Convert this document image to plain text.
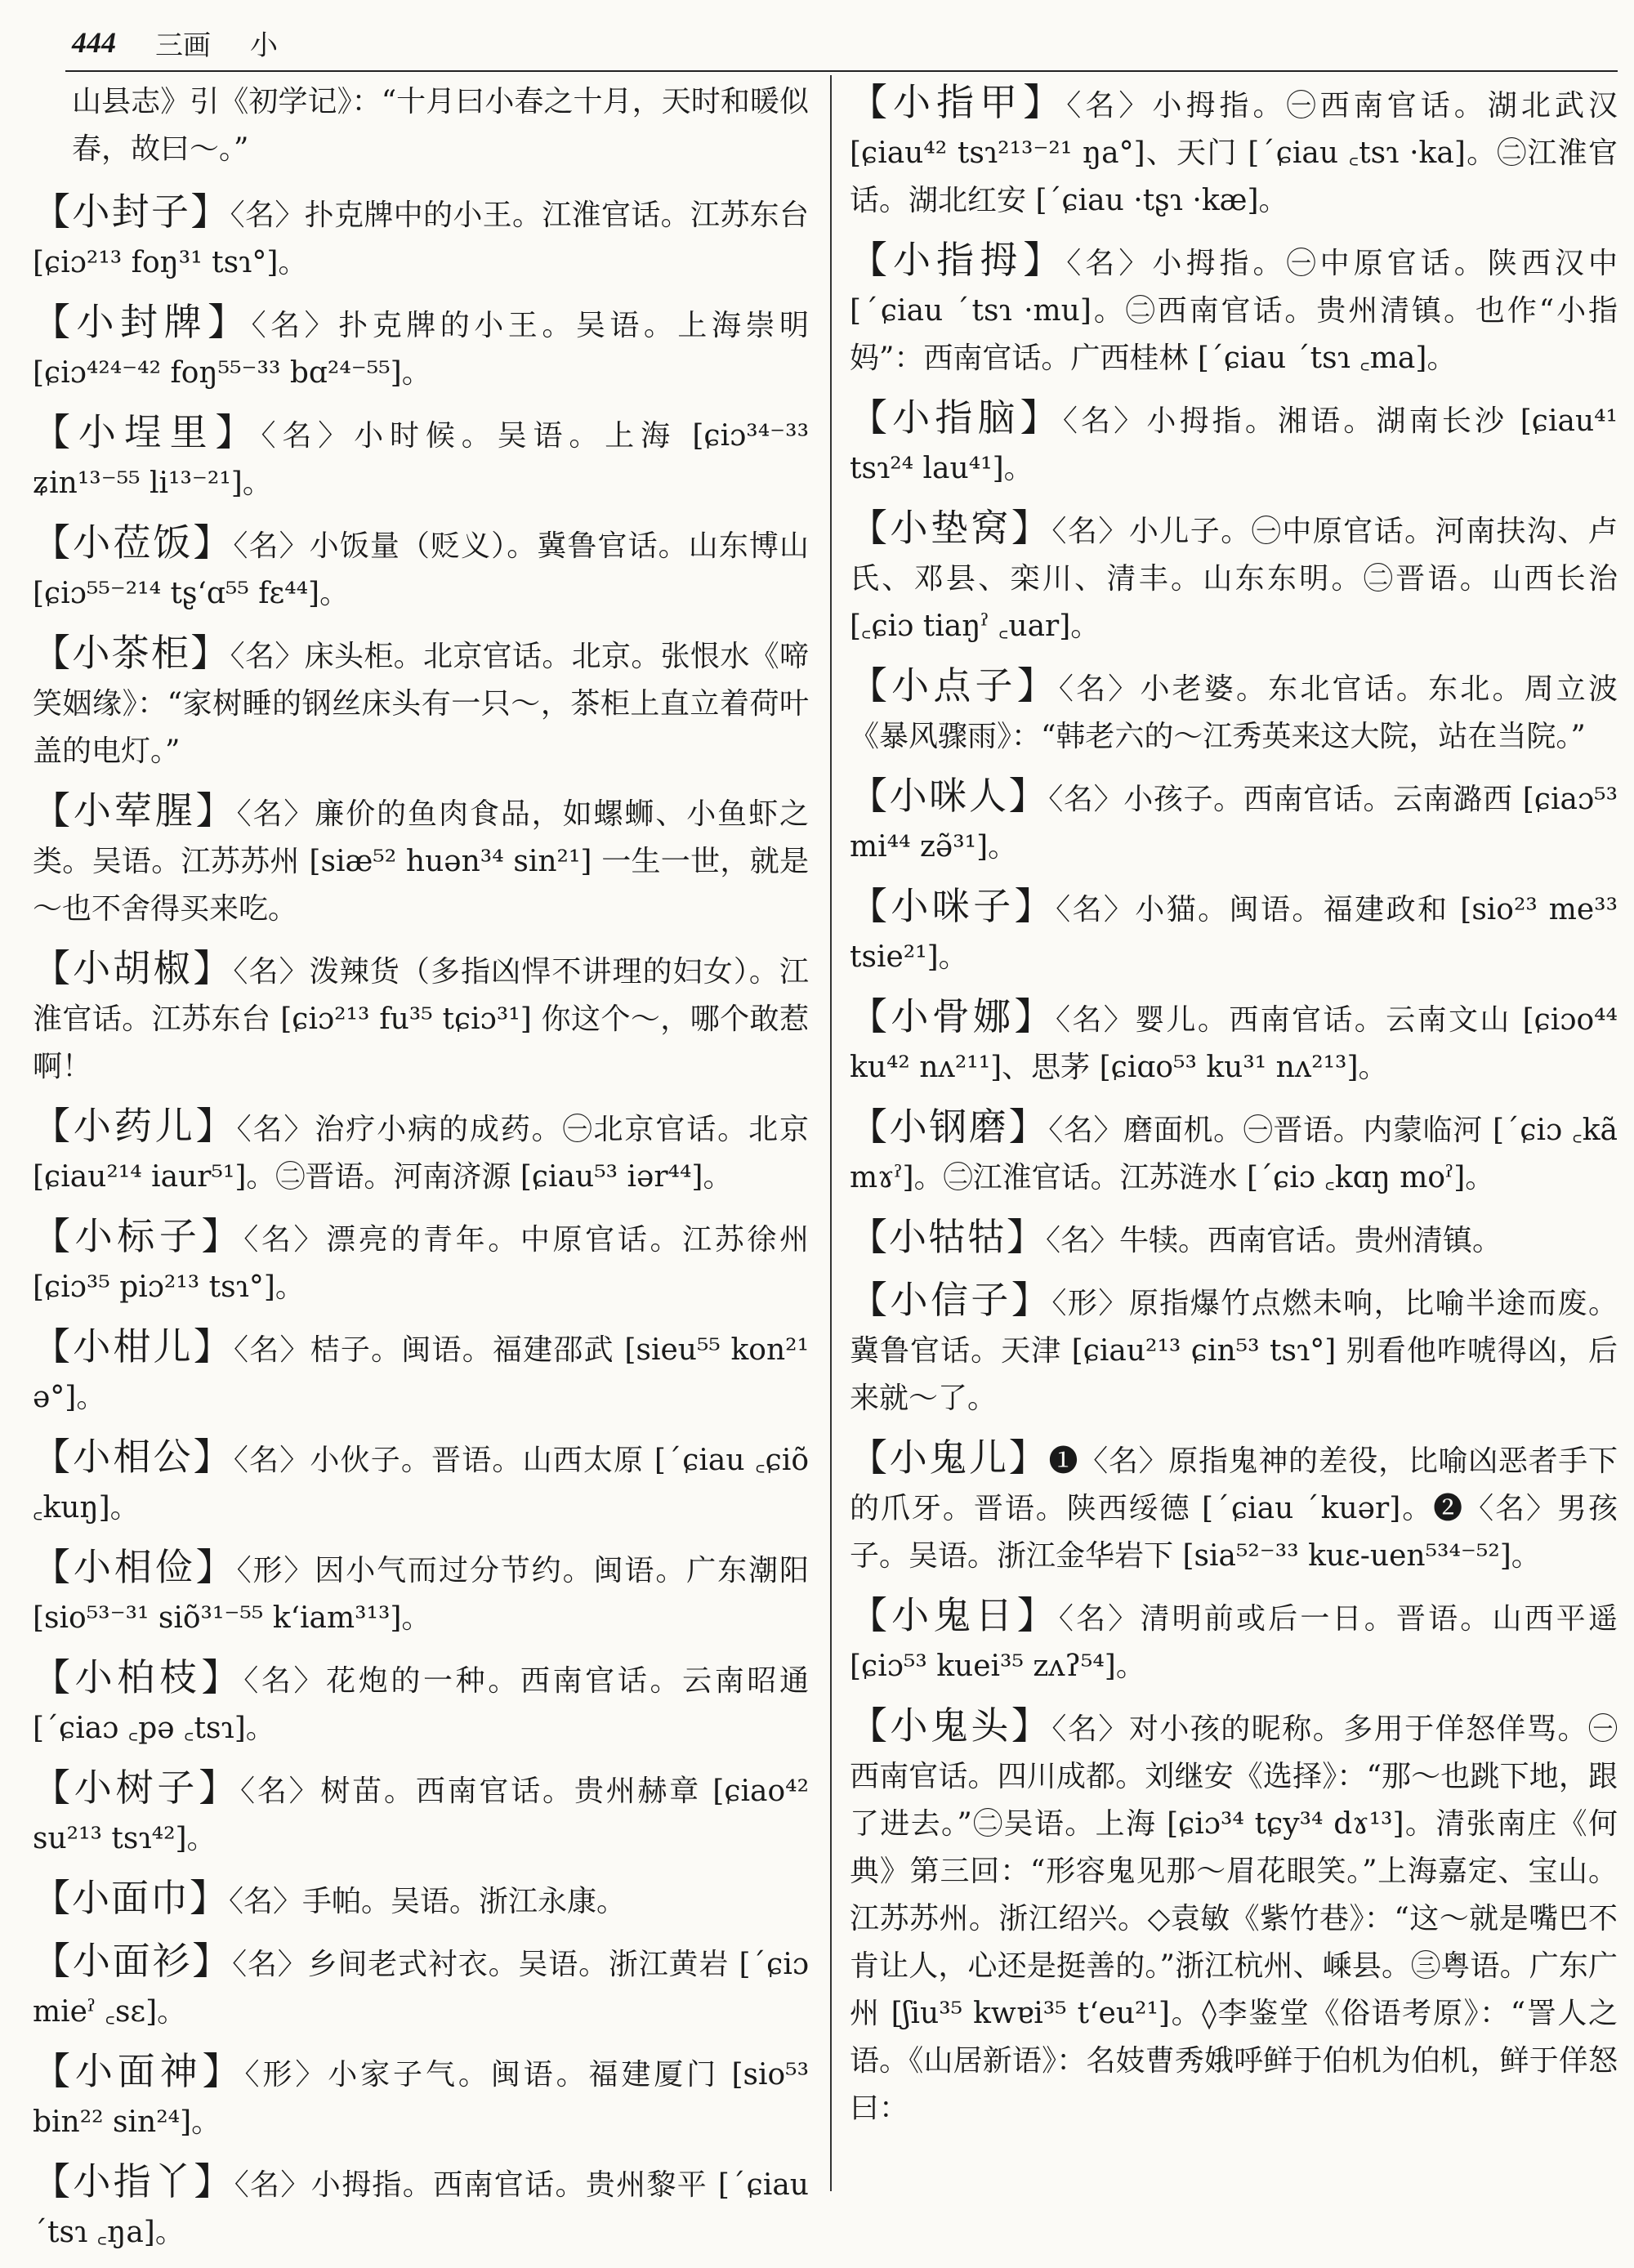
444 三画 小
山县志》引《初学记》：“十月曰小春之十月，天时和暖似春，故曰～。”
【小封子】〈名〉扑克牌中的小王。江淮官话。江苏东台 [ɕiɔ²¹³ foŋ³¹ tsɿ°]。
【小封牌】〈名〉扑克牌的小王。吴语。上海崇明 [ɕiɔ⁴²⁴⁻⁴² foŋ⁵⁵⁻³³ bɑ²⁴⁻⁵⁵]。
【小埕里】〈名〉小时候。吴语。上海 [ɕiɔ³⁴⁻³³ ʑin¹³⁻⁵⁵ li¹³⁻²¹]。
【小莅饭】〈名〉小饭量（贬义）。冀鲁官话。山东博山 [ɕiɔ⁵⁵⁻²¹⁴ tʂʻɑ⁵⁵ fɛ⁴⁴]。
【小茶柜】〈名〉床头柜。北京官话。北京。张恨水《啼笑姻缘》：“家树睡的钢丝床头有一只～，茶柜上直立着荷叶盖的电灯。”
【小荤腥】〈名〉廉价的鱼肉食品，如螺蛳、小鱼虾之类。吴语。江苏苏州 [siæ⁵² huən³⁴ sin²¹] 一生一世，就是～也不舍得买来吃。
【小胡椒】〈名〉泼辣货（多指凶悍不讲理的妇女）。江淮官话。江苏东台 [ɕiɔ²¹³ fu³⁵ tɕiɔ³¹] 你这个～，哪个敢惹啊！
【小药儿】〈名〉治疗小病的成药。㊀北京官话。北京 [ɕiau²¹⁴ iaur⁵¹]。㊁晋语。河南济源 [ɕiau⁵³ iər⁴⁴]。
【小标子】〈名〉漂亮的青年。中原官话。江苏徐州 [ɕiɔ³⁵ piɔ²¹³ tsɿ°]。
【小柑儿】〈名〉桔子。闽语。福建邵武 [sieu⁵⁵ kon²¹ ə°]。
【小相公】〈名〉小伙子。晋语。山西太原 [ˊɕiau ꜀ɕiõ ꜀kuŋ]。
【小相俭】〈形〉因小气而过分节约。闽语。广东潮阳 [sio⁵³⁻³¹ siõ³¹⁻⁵⁵ kʻiam³¹³]。
【小柏枝】〈名〉花炮的一种。西南官话。云南昭通 [ˊɕiaɔ ꜀pə ꜀tsɿ]。
【小树子】〈名〉树苗。西南官话。贵州赫章 [ɕiao⁴² su²¹³ tsɿ⁴²]。
【小面巾】〈名〉手帕。吴语。浙江永康。
【小面衫】〈名〉乡间老式衬衣。吴语。浙江黄岩 [ˊɕiɔ mieˀ ꜀sɛ]。
【小面神】〈形〉小家子气。闽语。福建厦门 [sio⁵³ bin²² sin²⁴]。
【小指丫】〈名〉小拇指。西南官话。贵州黎平 [ˊɕiau ˊtsɿ ꜀ŋa]。
【小指甲】〈名〉小拇指。㊀西南官话。湖北武汉 [ɕiau⁴² tsɿ²¹³⁻²¹ ŋa°]、天门 [ˊɕiau ꜀tsɿ ·ka]。㊁江淮官话。湖北红安 [ˊɕiau ·tʂɿ ·kæ]。
【小指拇】〈名〉小拇指。㊀中原官话。陕西汉中 [ˊɕiau ˊtsɿ ·mu]。㊁西南官话。贵州清镇。也作“小指妈”：西南官话。广西桂林 [ˊɕiau ˊtsɿ ꜀ma]。
【小指脑】〈名〉小拇指。湘语。湖南长沙 [ɕiau⁴¹ tsɿ²⁴ lau⁴¹]。
【小垫窝】〈名〉小儿子。㊀中原官话。河南扶沟、卢氏、邓县、栾川、清丰。山东东明。㊁晋语。山西长治 [꜀ɕiɔ tiaŋˀ ꜀uar]。
【小点子】〈名〉小老婆。东北官话。东北。周立波《暴风骤雨》：“韩老六的～江秀英来这大院，站在当院。”
【小咪人】〈名〉小孩子。西南官话。云南潞西 [ɕiaɔ⁵³ mi⁴⁴ zə̃³¹]。
【小咪子】〈名〉小猫。闽语。福建政和 [sio²³ me³³ tsie²¹]。
【小骨娜】〈名〉婴儿。西南官话。云南文山 [ɕiɔo⁴⁴ ku⁴² nʌ²¹¹]、思茅 [ɕiɑo⁵³ ku³¹ nʌ²¹³]。
【小钢磨】〈名〉磨面机。㊀晋语。内蒙临河 [ˊɕiɔ ꜀kã mɤˀ]。㊁江淮官话。江苏涟水 [ˊɕiɔ ꜀kɑŋ moˀ]。
【小牯牯】〈名〉牛犊。西南官话。贵州清镇。
【小信子】〈形〉原指爆竹点燃未响，比喻半途而废。冀鲁官话。天津 [ɕiau²¹³ ɕin⁵³ tsɿ°] 别看他咋唬得凶，后来就～了。
【小鬼儿】❶〈名〉原指鬼神的差役，比喻凶恶者手下的爪牙。晋语。陕西绥德 [ˊɕiau ˊkuər]。❷〈名〉男孩子。吴语。浙江金华岩下 [sia⁵²⁻³³ kuɛ-uen⁵³⁴⁻⁵²]。
【小鬼日】〈名〉清明前或后一日。晋语。山西平遥 [ɕiɔ⁵³ kuei³⁵ zʌʔ⁵⁴]。
【小鬼头】〈名〉对小孩的昵称。多用于佯怒佯骂。㊀西南官话。四川成都。刘继安《选择》：“那～也跳下地，跟了进去。”㊁吴语。上海 [ɕiɔ³⁴ tɕy³⁴ dɤ¹³]。清张南庄《何典》第三回：“形容鬼见那～眉花眼笑。”上海嘉定、宝山。江苏苏州。浙江绍兴。◇袁敏《紫竹巷》：“这～就是嘴巴不肯让人，心还是挺善的。”浙江杭州、嵊县。㊂粤语。广东广州 [ʃiu³⁵ kwɐi³⁵ tʻeu²¹]。◊李鉴堂《俗语考原》：“詈人之语。《山居新语》：名妓曹秀娥呼鲜于伯机为伯机，鲜于佯怒曰：
